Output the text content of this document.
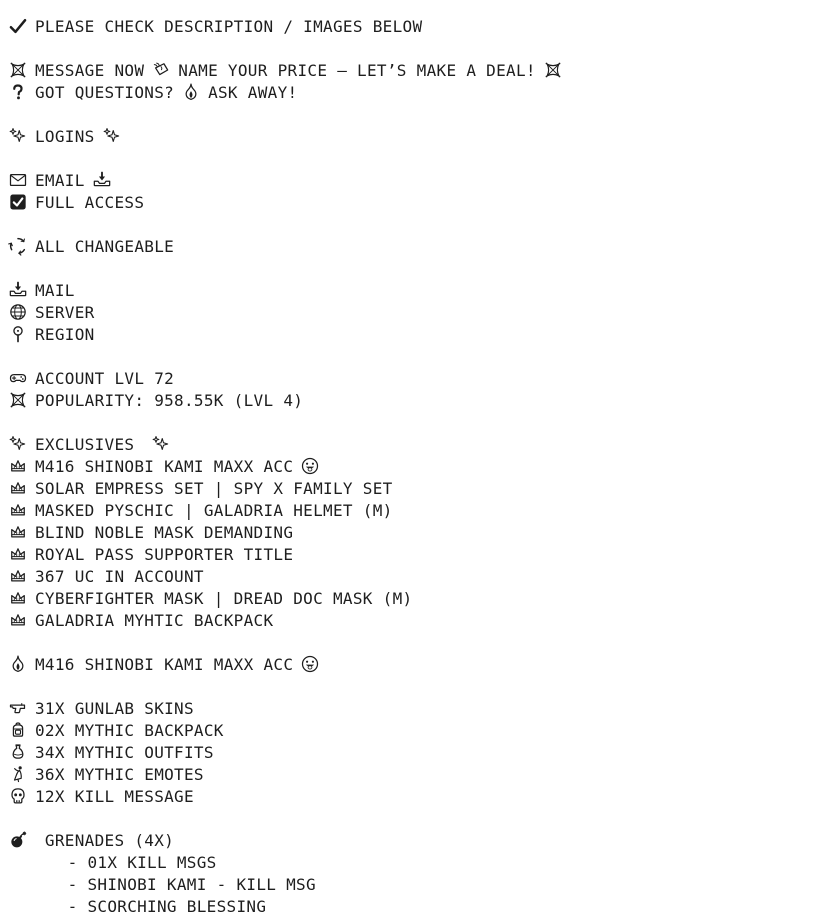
PLEASE CHECK DESCRIPTION / IMAGES BELOW
MESSAGE NOW NAME YOUR PRICE – LET’S MAKE A DEAL!
GOT QUESTIONS? ASK AWAY!
LOGINS
EMAIL
FULL ACCESS
ALL CHANGEABLE
MAIL
SERVER
REGION
ACCOUNT LVL 72
POPULARITY: 958.55K (LVL 4)
EXCLUSIVES
M416 SHINOBI KAMI MAXX ACC
SOLAR EMPRESS SET | SPY X FAMILY SET
MASKED PYSCHIC | GALADRIA HELMET (M)
BLIND NOBLE MASK DEMANDING
ROYAL PASS SUPPORTER TITLE
367 UC IN ACCOUNT
CYBERFIGHTER MASK | DREAD DOC MASK (M)
GALADRIA MYHTIC BACKPACK
M416 SHINOBI KAMI MAXX ACC
31X GUNLAB SKINS
02X MYTHIC BACKPACK
34X MYTHIC OUTFITS
36X MYTHIC EMOTES
12X KILL MESSAGE
GRENADES (4X)
- 01X KILL MSGS
- SHINOBI KAMI - KILL MSG
- SCORCHING BLESSING
